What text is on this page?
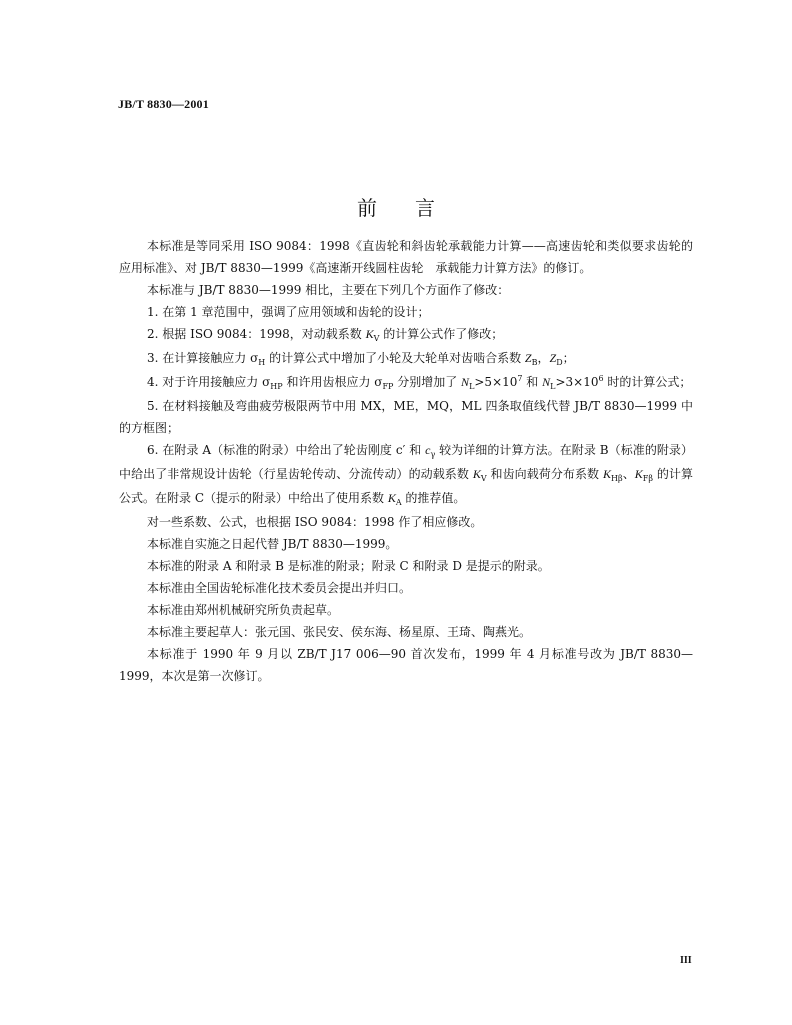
JB/T 8830—2001
前言

本标准是等同采用 ISO 9084：1998《直齿轮和斜齿轮承载能力计算——高速齿轮和类似要求齿轮的应用标准》、对 JB/T 8830—1999《高速渐开线圆柱齿轮　承载能力计算方法》的修订。

本标准与 JB/T 8830—1999 相比，主要在下列几个方面作了修改：

1. 在第 1 章范围中，强调了应用领域和齿轮的设计；

2. 根据 ISO 9084：1998，对动载系数 $K_V$ 的计算公式作了修改；

3. 在计算接触应力 $\sigma_H$ 的计算公式中增加了小轮及大轮单对齿啮合系数 $Z_B$，$Z_D$；

4. 对于许用接触应力 $\sigma_{HP}$ 和许用齿根应力 $\sigma_{FP}$ 分别增加了 $N_L>5\times 10^7$ 和 $N_L>3\times 10^6$ 时的计算公式；

5. 在材料接触及弯曲疲劳极限两节中用 MX，ME，MQ，ML 四条取值线代替 JB/T 8830—1999 中的方框图；

6. 在附录 A（标准的附录）中给出了轮齿刚度 c′ 和 $c_\gamma$ 较为详细的计算方法。在附录 B（标准的附录）中给出了非常规设计齿轮（行星齿轮传动、分流传动）的动载系数 $K_V$ 和齿向载荷分布系数 $K_{H\beta}$、$K_{F\beta}$ 的计算公式。在附录 C（提示的附录）中给出了使用系数 $K_A$ 的推荐值。

对一些系数、公式，也根据 ISO 9084：1998 作了相应修改。

本标准自实施之日起代替 JB/T 8830—1999。

本标准的附录 A 和附录 B 是标准的附录；附录 C 和附录 D 是提示的附录。

本标准由全国齿轮标准化技术委员会提出并归口。

本标准由郑州机械研究所负责起草。

本标准主要起草人：张元国、张民安、侯东海、杨星原、王琦、陶燕光。

本标准于 1990 年 9 月以 ZB/T J17 006—90 首次发布，1999 年 4 月标准号改为 JB/T 8830—1999，本次是第一次修订。

III
